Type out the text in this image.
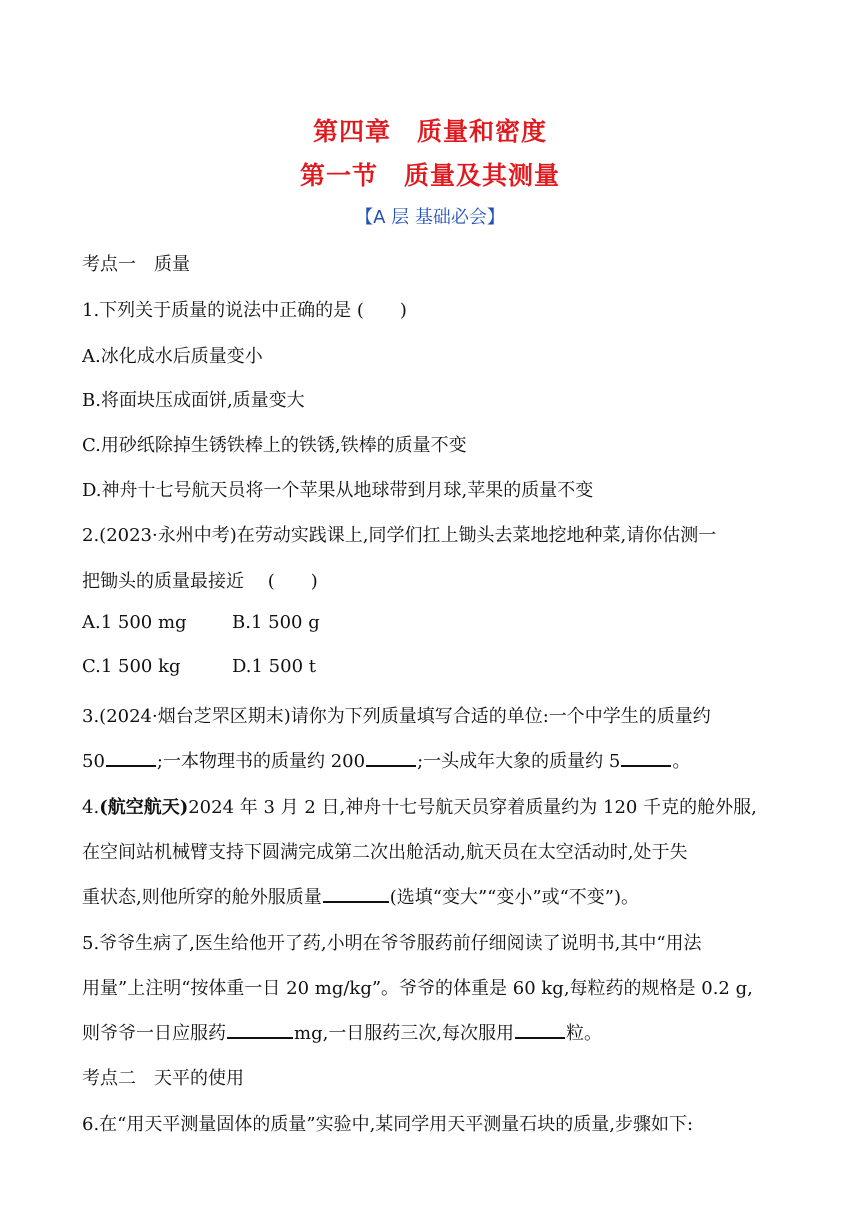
第四章 质量和密度
第一节 质量及其测量
【A 层 基础必会】
考点一　质量
1.下列关于质量的说法中正确的是 (　　)
A.冰化成水后质量变小
B.将面块压成面饼,质量变大
C.用砂纸除掉生锈铁棒上的铁锈,铁棒的质量不变
D.神舟十七号航天员将一个苹果从地球带到月球,苹果的质量不变
2.(2023·永州中考)在劳动实践课上,同学们扛上锄头去菜地挖地种菜,请你估测一
把锄头的质量最接近　 (　　)
A.1 500 mg	B.1 500 g
C.1 500 kg	D.1 500 t
3.(2024·烟台芝罘区期末)请你为下列质量填写合适的单位:一个中学生的质量约
50	;一本物理书的质量约 200	;一头成年大象的质量约 5	。
4.(航空航天)2024 年 3 月 2 日,神舟十七号航天员穿着质量约为 120 千克的舱外服,
在空间站机械臂支持下圆满完成第二次出舱活动,航天员在太空活动时,处于失
重状态,则他所穿的舱外服质量	(选填“变大”“变小”或“不变”)。
5.爷爷生病了,医生给他开了药,小明在爷爷服药前仔细阅读了说明书,其中“用法
用量”上注明“按体重一日 20 mg/kg”。爷爷的体重是 60 kg,每粒药的规格是 0.2 g,
则爷爷一日应服药	mg,一日服药三次,每次服用	粒。
考点二　天平的使用
6.在“用天平测量固体的质量”实验中,某同学用天平测量石块的质量,步骤如下:
